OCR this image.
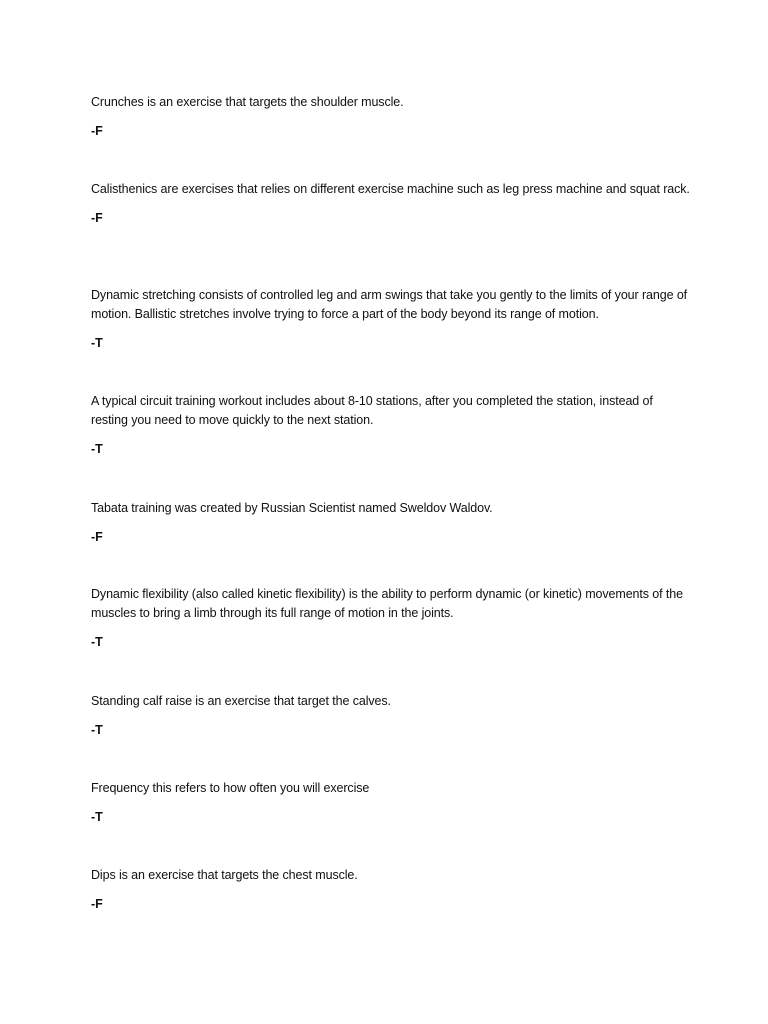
Crunches is an exercise that targets the shoulder muscle.

-F

Calisthenics are exercises that relies on different exercise machine such as leg press machine and squat rack.

-F

Dynamic stretching consists of controlled leg and arm swings that take you gently to the limits of your range of motion. Ballistic stretches involve trying to force a part of the body beyond its range of motion.

-T

A typical circuit training workout includes about 8-10 stations, after you completed the station, instead of resting you need to move quickly to the next station.

-T

Tabata training was created by Russian Scientist named Sweldov Waldov.

-F

Dynamic flexibility (also called kinetic flexibility) is the ability to perform dynamic (or kinetic) movements of the muscles to bring a limb through its full range of motion in the joints.

-T

Standing calf raise is an exercise that target the calves.

-T

Frequency this refers to how often you will exercise

-T

Dips is an exercise that targets the chest muscle.

-F
